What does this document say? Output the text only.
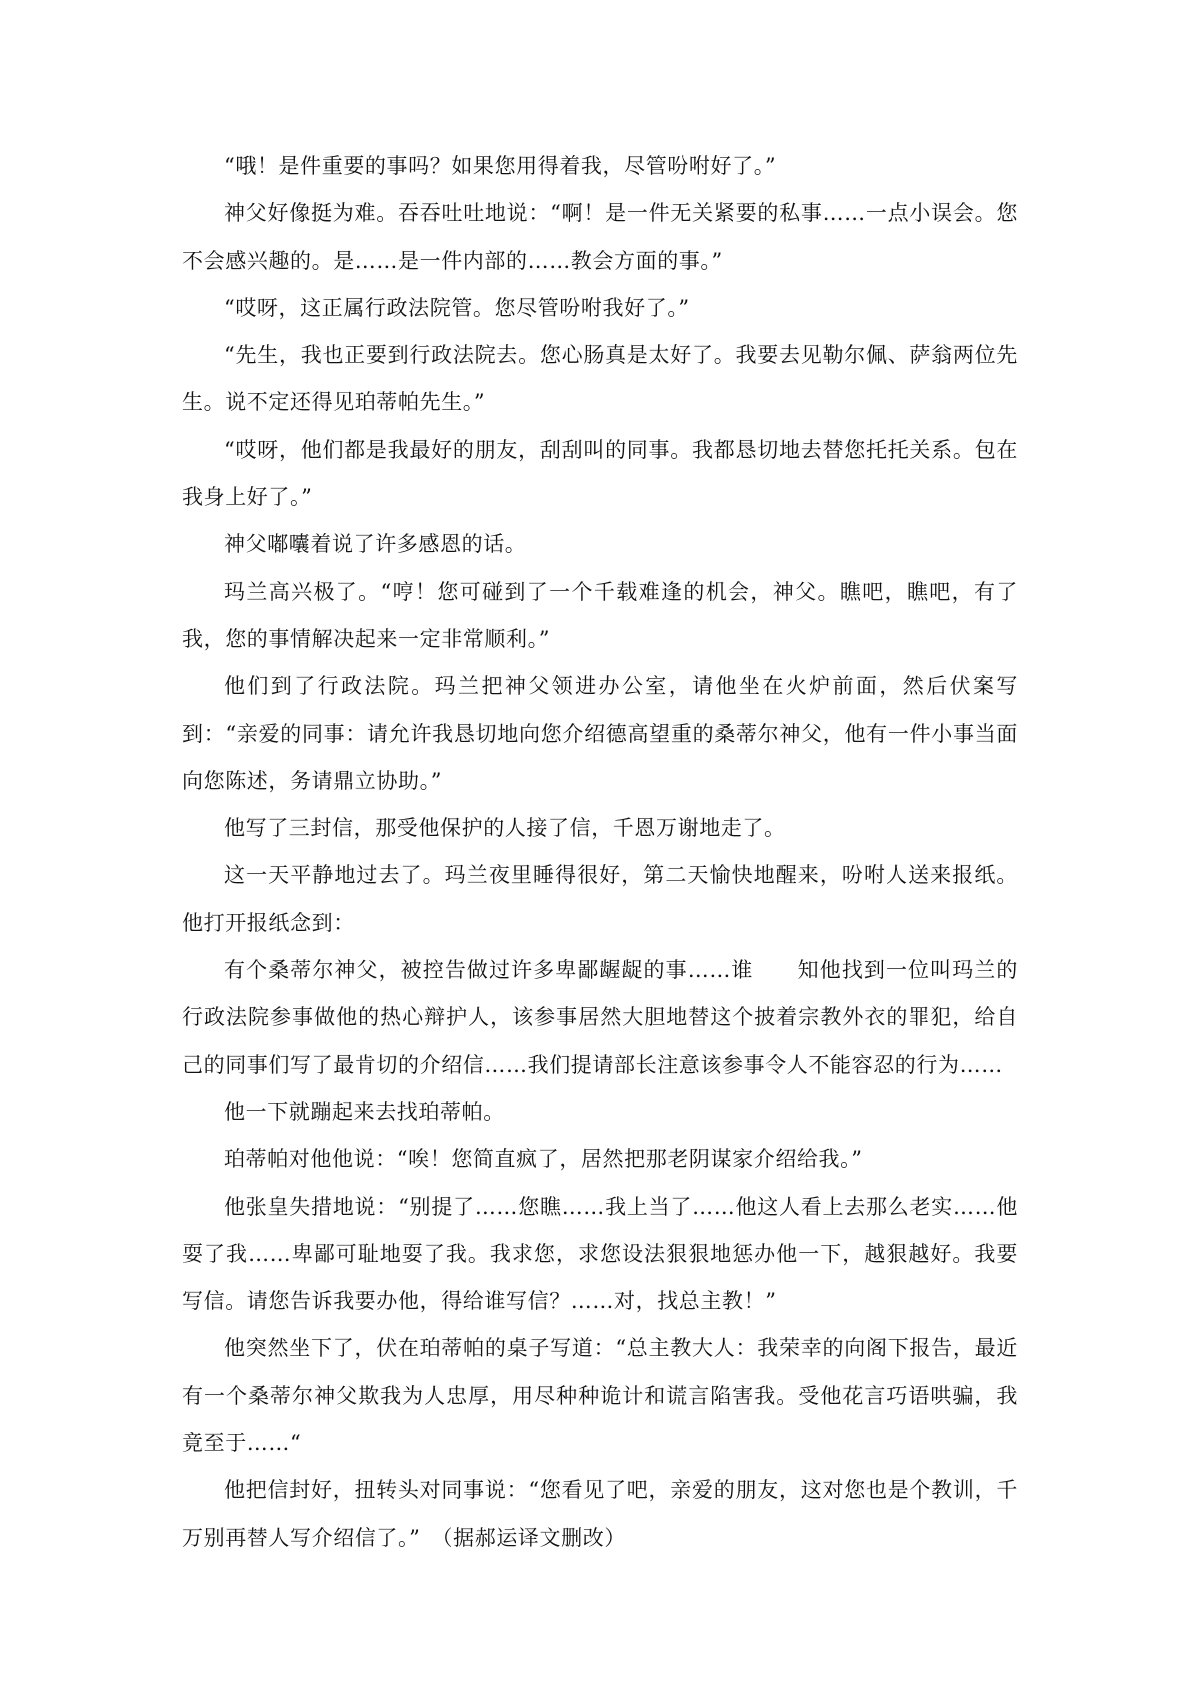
“哦！是件重要的事吗？如果您用得着我，尽管吩咐好了。”

神父好像挺为难。吞吞吐吐地说：“啊！是一件无关紧要的私事……一点小误会。您不会感兴趣的。是……是一件内部的……教会方面的事。”

“哎呀，这正属行政法院管。您尽管吩咐我好了。”

“先生，我也正要到行政法院去。您心肠真是太好了。我要去见勒尔佩、萨翁两位先生。说不定还得见珀蒂帕先生。”

“哎呀，他们都是我最好的朋友，刮刮叫的同事。我都恳切地去替您托托关系。包在我身上好了。”

神父嘟囔着说了许多感恩的话。

玛兰高兴极了。“哼！您可碰到了一个千载难逢的机会，神父。瞧吧，瞧吧，有了我，您的事情解决起来一定非常顺利。”

他们到了行政法院。玛兰把神父领进办公室，请他坐在火炉前面，然后伏案写到：“亲爱的同事：请允许我恳切地向您介绍德高望重的桑蒂尔神父，他有一件小事当面向您陈述，务请鼎立协助。”

他写了三封信，那受他保护的人接了信，千恩万谢地走了。

这一天平静地过去了。玛兰夜里睡得很好，第二天愉快地醒来，吩咐人送来报纸。他打开报纸念到：

有个桑蒂尔神父，被控告做过许多卑鄙龌龊的事……谁　　知他找到一位叫玛兰的行政法院参事做他的热心辩护人，该参事居然大胆地替这个披着宗教外衣的罪犯，给自己的同事们写了最肯切的介绍信……我们提请部长注意该参事令人不能容忍的行为……

他一下就蹦起来去找珀蒂帕。

珀蒂帕对他他说：“唉！您简直疯了，居然把那老阴谋家介绍给我。”

他张皇失措地说：“别提了……您瞧……我上当了……他这人看上去那么老实……他耍了我……卑鄙可耻地耍了我。我求您，求您设法狠狠地惩办他一下，越狠越好。我要写信。请您告诉我要办他，得给谁写信？……对，找总主教！”

他突然坐下了，伏在珀蒂帕的桌子写道：“总主教大人：我荣幸的向阁下报告，最近有一个桑蒂尔神父欺我为人忠厚，用尽种种诡计和谎言陷害我。受他花言巧语哄骗，我竟至于……“

他把信封好，扭转头对同事说：“您看见了吧，亲爱的朋友，这对您也是个教训，千万别再替人写介绍信了。”　（据郝运译文删改）
